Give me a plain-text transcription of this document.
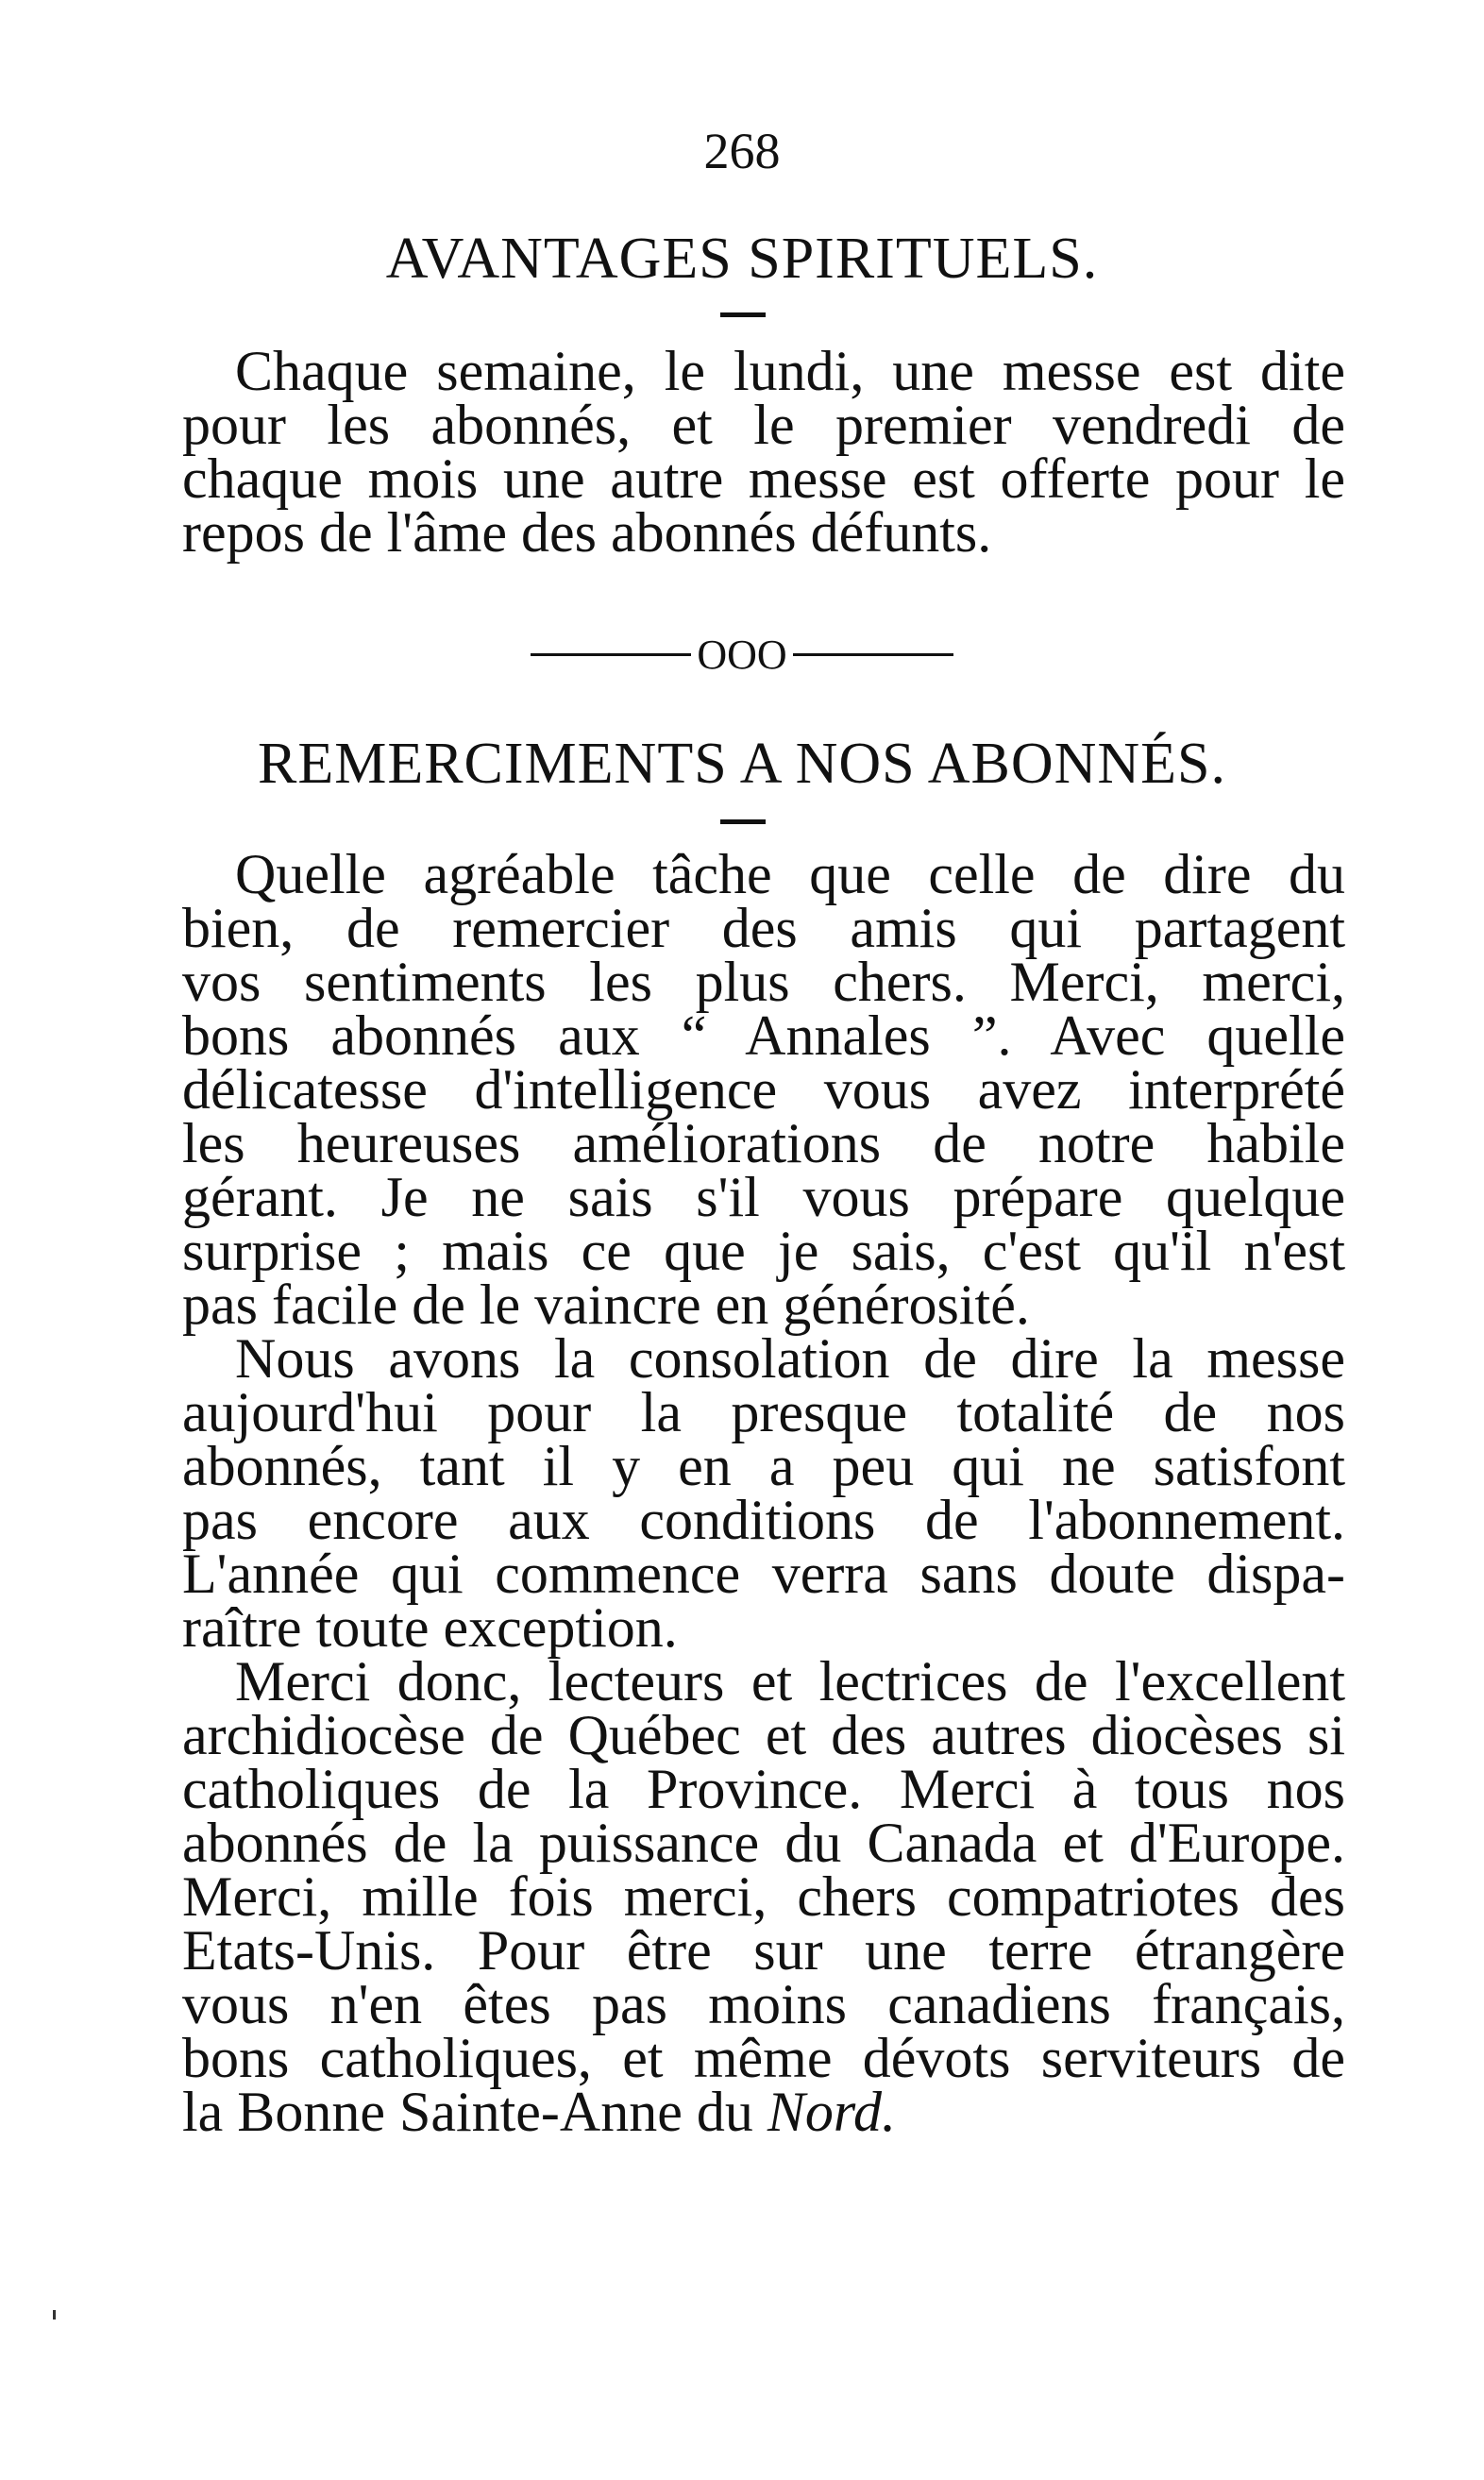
268
AVANTAGES SPIRITUELS.

Chaque semaine, le lundi, une messe est dite
pour les abonnés, et le premier vendredi de
chaque mois une autre messe est offerte pour le
repos de l'âme des abonnés défunts.

OOO
REMERCIMENTS A NOS ABONNÉS.

Quelle agréable tâche que celle de dire du
bien, de remercier des amis qui partagent
vos sentiments les plus chers. Merci, merci,
bons abonnés aux “ Annales ”. Avec quelle
délicatesse d'intelligence vous avez interprété
les heureuses améliorations de notre habile
gérant. Je ne sais s'il vous prépare quelque
surprise ; mais ce que je sais, c'est qu'il n'est
pas facile de le vaincre en générosité.

Nous avons la consolation de dire la messe
aujourd'hui pour la presque totalité de nos
abonnés, tant il y en a peu qui ne satisfont
pas encore aux conditions de l'abonnement.
L'année qui commence verra sans doute dispa-
raître toute exception.

Merci donc, lecteurs et lectrices de l'excellent
archidiocèse de Québec et des autres diocèses si
catholiques de la Province. Merci à tous nos
abonnés de la puissance du Canada et d'Europe.
Merci, mille fois merci, chers compatriotes des
Etats-Unis. Pour être sur une terre étrangère
vous n'en êtes pas moins canadiens français,
bons catholiques, et même dévots serviteurs de
la Bonne Sainte-Anne du Nord.
